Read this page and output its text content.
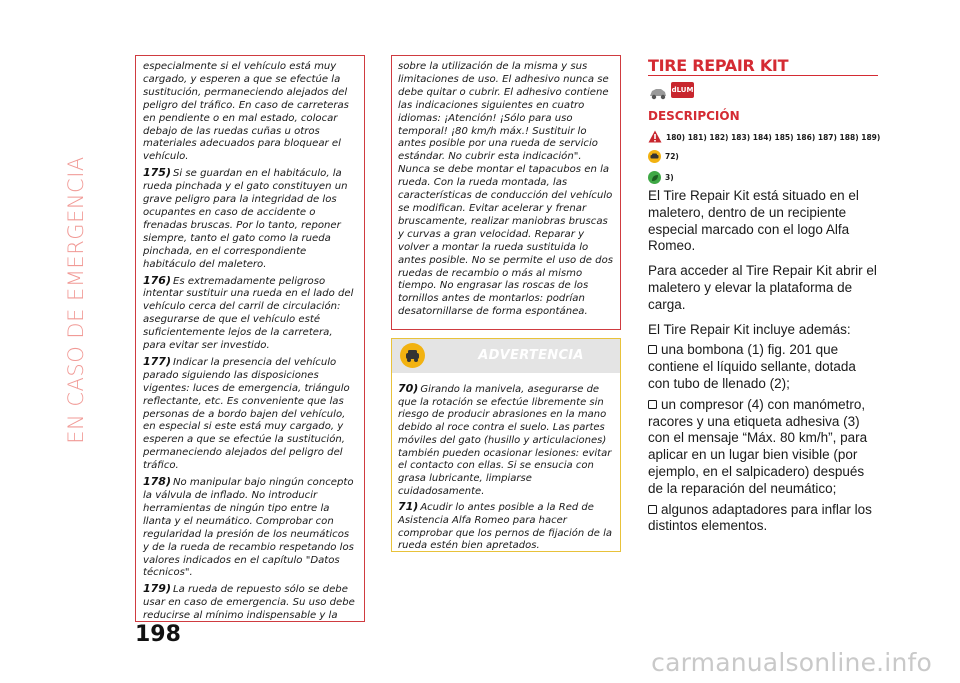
EN CASO DE EMERGENCIA

especialmente si el vehículo está muy cargado, y esperen a que se efectúe la sustitución, permaneciendo alejados del peligro del tráfico. En caso de carreteras en pendiente o en mal estado, colocar debajo de las ruedas cuñas u otros materiales adecuados para bloquear el vehículo.

175) Si se guardan en el habitáculo, la rueda pinchada y el gato constituyen un grave peligro para la integridad de los ocupantes en caso de accidente o frenadas bruscas. Por lo tanto, reponer siempre, tanto el gato como la rueda pinchada, en el correspondiente habitáculo del maletero.

176) Es extremadamente peligroso intentar sustituir una rueda en el lado del vehículo cerca del carril de circulación: asegurarse de que el vehículo esté suficientemente lejos de la carretera, para evitar ser investido.

177) Indicar la presencia del vehículo parado siguiendo las disposiciones vigentes: luces de emergencia, triángulo reflectante, etc. Es conveniente que las personas de a bordo bajen del vehículo, en especial si este está muy cargado, y esperen a que se efectúe la sustitución, permaneciendo alejados del peligro del tráfico.

178) No manipular bajo ningún concepto la válvula de inflado. No introducir herramientas de ningún tipo entre la llanta y el neumático. Comprobar con regularidad la presión de los neumáticos y de la rueda de recambio respetando los valores indicados en el capítulo "Datos técnicos".

179) La rueda de repuesto sólo se debe usar en caso de emergencia. Su uso debe reducirse al mínimo indispensable y la

sobre la utilización de la misma y sus limitaciones de uso. El adhesivo nunca se debe quitar o cubrir. El adhesivo contiene las indicaciones siguientes en cuatro idiomas: ¡Atención! ¡Sólo para uso temporal! ¡80 km/h máx.! Sustituir lo antes posible por una rueda de servicio estándar. No cubrir esta indicación". Nunca se debe montar el tapacubos en la rueda. Con la rueda montada, las características de conducción del vehículo se modifican. Evitar acelerar y frenar bruscamente, realizar maniobras bruscas y curvas a gran velocidad. Reparar y volver a montar la rueda sustituida lo antes posible. No se permite el uso de dos ruedas de recambio o más al mismo tiempo. No engrasar las roscas de los tornillos antes de montarlos: podrían desatornillarse de forma espontánea.

ADVERTENCIA

70) Girando la manivela, asegurarse de que la rotación se efectúe libremente sin riesgo de producir abrasiones en la mano debido al roce contra el suelo. Las partes móviles del gato (husillo y articulaciones) también pueden ocasionar lesiones: evitar el contacto con ellas. Si se ensucia con grasa lubricante, limpiarse cuidadosamente.

71) Acudir lo antes posible a la Red de Asistencia Alfa Romeo para hacer comprobar que los pernos de fijación de la rueda estén bien apretados.

198
TIRE REPAIR KIT
dLUM
DESCRIPCIÓN
180) 181) 182) 183) 184) 185) 186) 187) 188) 189)
72)
3)

El Tire Repair Kit está situado en el maletero, dentro de un recipiente especial marcado con el logo Alfa Romeo.

Para acceder al Tire Repair Kit abrir el maletero y elevar la plataforma de carga.

El Tire Repair Kit incluye además:

una bombona (1) fig. 201 que contiene el líquido sellante, dotada con tubo de llenado (2);
un compresor (4) con manómetro, racores y una etiqueta adhesiva (3) con el mensaje “Máx. 80 km/h”, para aplicar en un lugar bien visible (por ejemplo, en el salpicadero) después de la reparación del neumático;
algunos adaptadores para inflar los distintos elementos.
carmanualsonline.info
